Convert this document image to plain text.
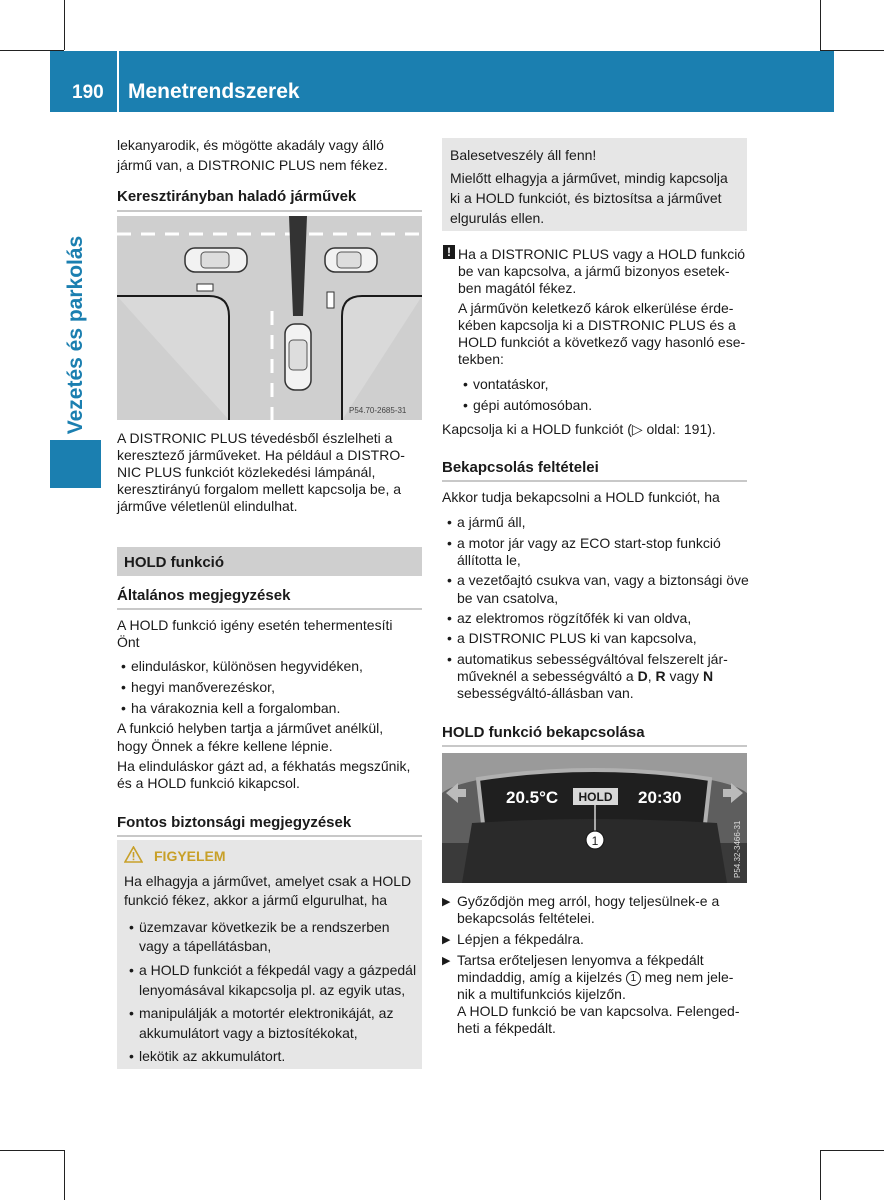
190 Menetrendszerek
Vezetés és parkolás
lekanyarodik, és mögötte akadály vagy álló
jármű van, a DISTRONIC PLUS nem fékez.
Keresztirányban haladó járművek
P54.70-2685-31
A DISTRONIC PLUS tévedésből észlelheti a
keresztező járműveket. Ha például a DISTRO-
NIC PLUS funkciót közlekedési lámpánál,
keresztirányú forgalom mellett kapcsolja be, a
járműve véletlenül elindulhat.
HOLD funkció
Általános megjegyzések
A HOLD funkció igény esetén tehermentesíti
Önt
• elinduláskor, különösen hegyvidéken,
• hegyi manőverezéskor,
• ha várakoznia kell a forgalomban.
A funkció helyben tartja a járművet anélkül,
hogy Önnek a fékre kellene lépnie.
Ha elinduláskor gázt ad, a fékhatás megszűnik,
és a HOLD funkció kikapcsol.
Fontos biztonsági megjegyzések
FIGYELEM
Ha elhagyja a járművet, amelyet csak a HOLD
funkció fékez, akkor a jármű elgurulhat, ha
• üzemzavar következik be a rendszerben
vagy a tápellátásban,
• a HOLD funkciót a fékpedál vagy a gázpedál
lenyomásával kikapcsolja pl. az egyik utas,
• manipulálják a motortér elektronikáját, az
akkumulátort vagy a biztosítékokat,
• lekötik az akkumulátort.
Balesetveszély áll fenn!
Mielőtt elhagyja a járművet, mindig kapcsolja
ki a HOLD funkciót, és biztosítsa a járművet
elgurulás ellen.
! Ha a DISTRONIC PLUS vagy a HOLD funkció
be van kapcsolva, a jármű bizonyos esetek-
ben magától fékez.
A járművön keletkező károk elkerülése érde-
kében kapcsolja ki a DISTRONIC PLUS és a
HOLD funkciót a következő vagy hasonló ese-
tekben:
• vontatáskor,
• gépi autómosóban.
Kapcsolja ki a HOLD funkciót (▷ oldal: 191).
Bekapcsolás feltételei
Akkor tudja bekapcsolni a HOLD funkciót, ha
• a jármű áll,
• a motor jár vagy az ECO start-stop funkció
állította le,
• a vezetőajtó csukva van, vagy a biztonsági öve
be van csatolva,
• az elektromos rögzítőfék ki van oldva,
• a DISTRONIC PLUS ki van kapcsolva,
• automatikus sebességváltóval felszerelt jár-
műveknél a sebességváltó a D, R vagy N
sebességváltó-állásban van.
HOLD funkció bekapcsolása
20.5°C HOLD 20:30
1	P54.32-3466-31
▶ Győződjön meg arról, hogy teljesülnek-e a
bekapcsolás feltételei.
▶ Lépjen a fékpedálra.
▶ Tartsa erőteljesen lenyomva a fékpedált
mindaddig, amíg a kijelzés 1 meg nem jele-
nik a multifunkciós kijelzőn.
A HOLD funkció be van kapcsolva. Felenged-
heti a fékpedált.
